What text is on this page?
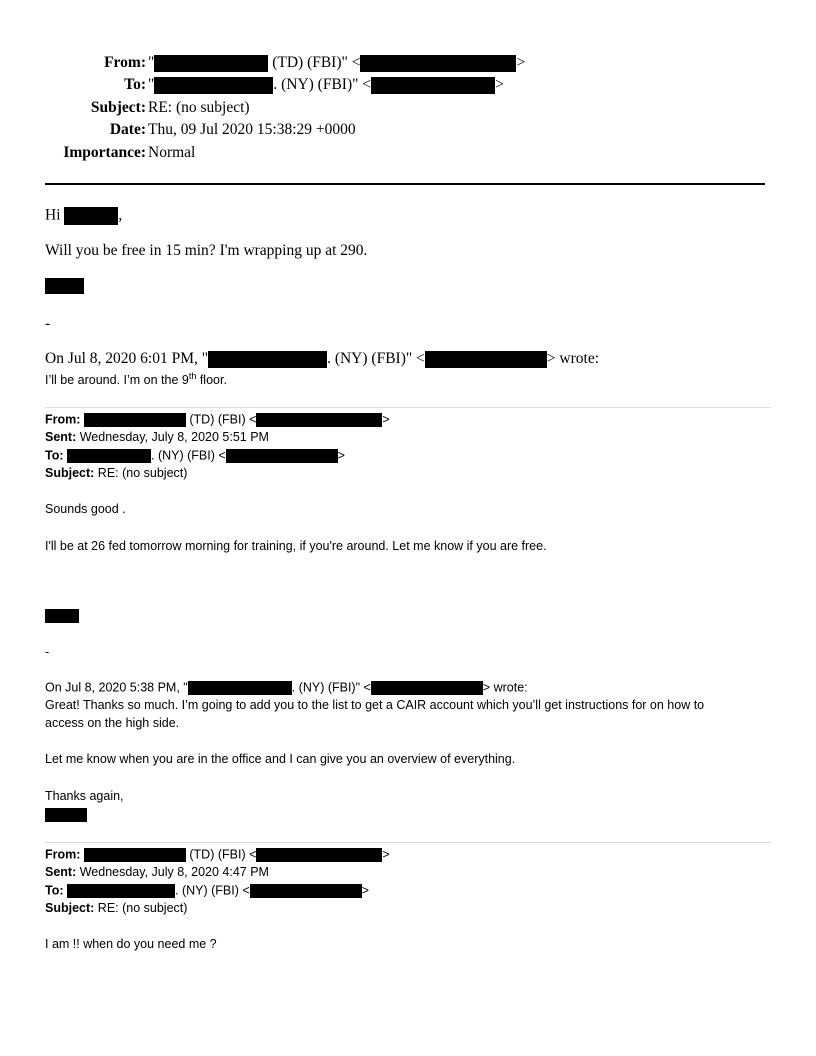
From: "	(TD) (FBI)" <	>
To: "	. (NY) (FBI)" <	>
Subject: RE: (no subject)
Date: Thu, 09 Jul 2020 15:38:29 +0000
Importance: Normal
Hi	,
Will you be free in 15 min? I'm wrapping up at 290.
-
On Jul 8, 2020 6:01 PM, "	. (NY) (FBI)" <	> wrote:
I’ll be around. I’m on the 9th floor.
From:	(TD) (FBI) <	>
Sent: Wednesday, July 8, 2020 5:51 PM
To:	. (NY) (FBI) <	>
Subject: RE: (no subject)
Sounds good .
I'll be at 26 fed tomorrow morning for training, if you're around. Let me know if you are free.
-
On Jul 8, 2020 5:38 PM, "	. (NY) (FBI)" <	> wrote:
Great! Thanks so much. I’m going to add you to the list to get a CAIR account which you’ll get instructions for on how to
access on the high side.
Let me know when you are in the office and I can give you an overview of everything.
Thanks again,
From:	(TD) (FBI) <	>
Sent: Wednesday, July 8, 2020 4:47 PM
To:	. (NY) (FBI) <	>
Subject: RE: (no subject)
I am !! when do you need me ?
